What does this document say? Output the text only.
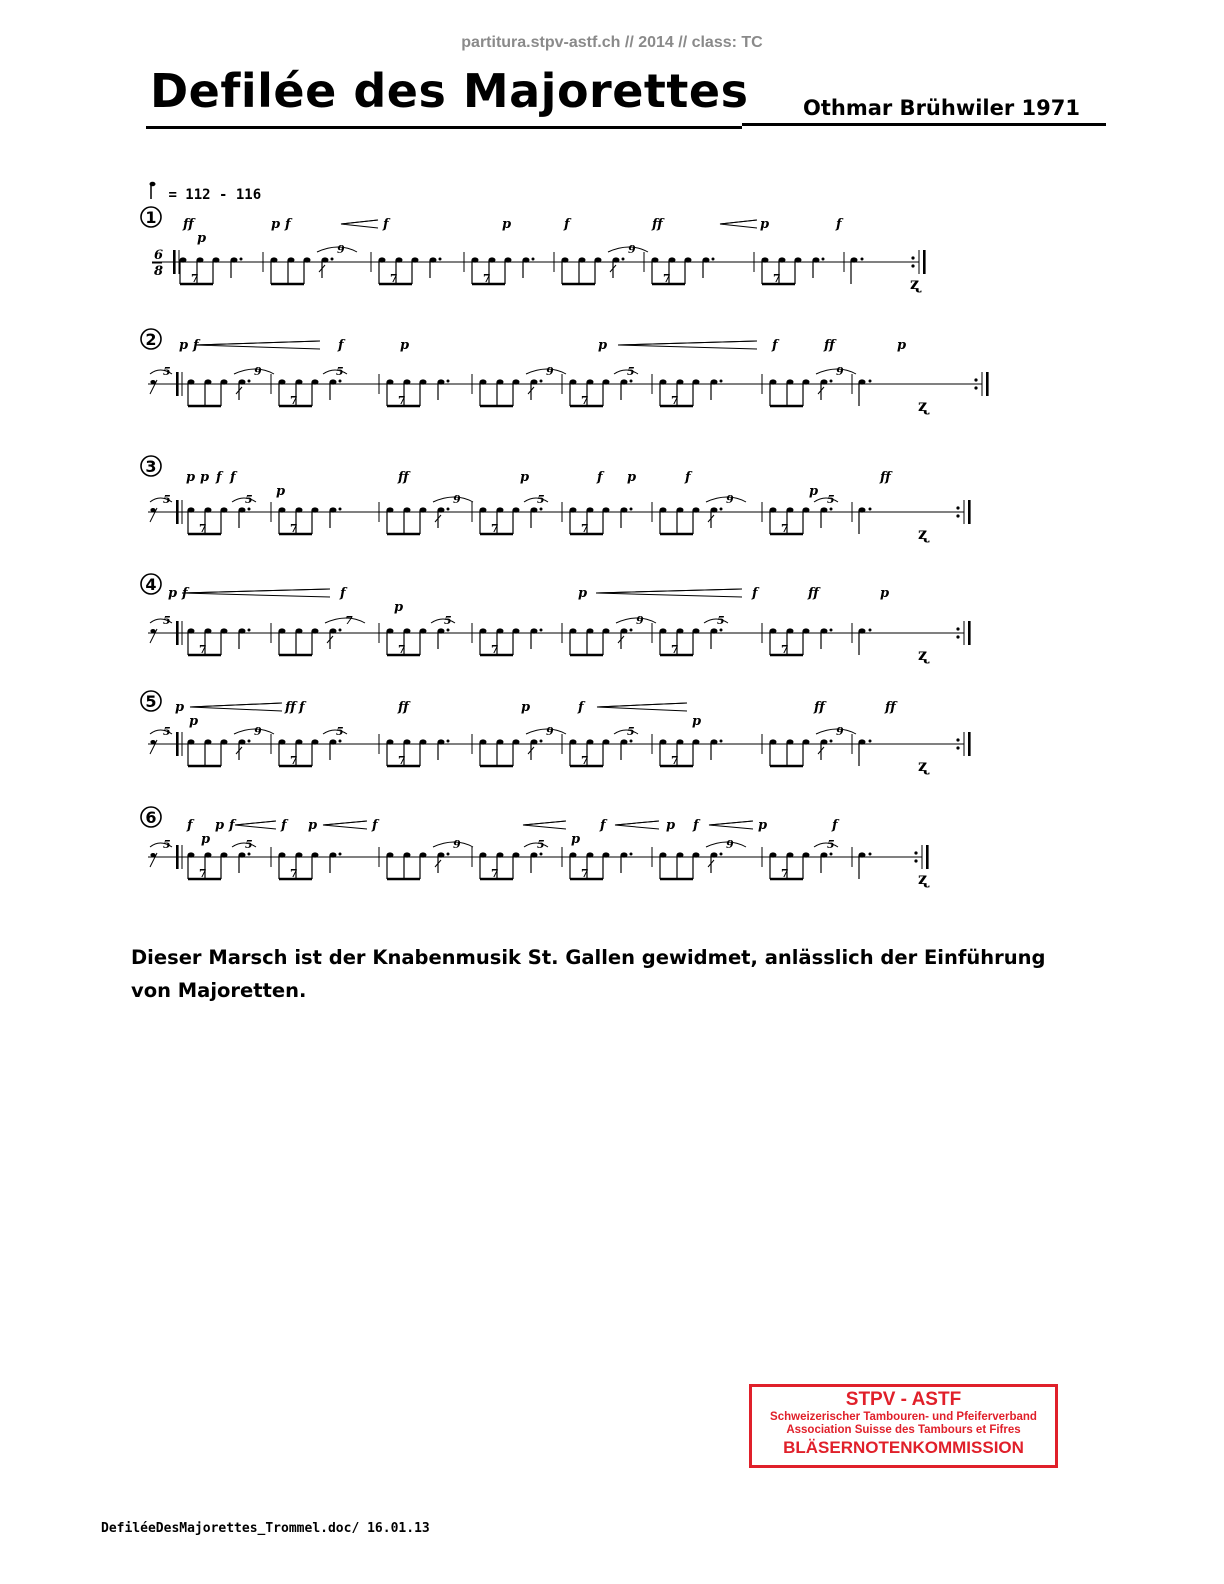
partitura.stpv-astf.ch // 2014 // class: TC
Defilée des Majorettes	Othmar Brühwiler 1971
= 112 - 116
1
6
8	7
9
7	7
9
7	7	ʐ
ff	p	f	p	f	ff	p	f
p
f
2
5	9
7
5
7
9
7
5
7
9
ʐ
p	f	p	p	f	ff	p
f
3
5
7
5
7
9
7
5
7
9
7
5
ʐ
p f
p
ff	p	f p	f
p
ff
p f
4
5
7
7
7
5
7
9
7
5
7	ʐ
p	f
p
p	f	ff	p
f
5
5	9
7
5
7
9
7
5
7
9
ʐ
p	ff	ff	p	f
p
ff	ff
p
f
6
5
7
5
7
9
7
5
7
9
7
5
ʐ
f p	f p	f
p
f	p f	p	f
p
f
Dieser Marsch ist der Knabenmusik St. Gallen gewidmet, anlässlich der Einführung von Majoretten.
STPV - ASTF
Schweizerischer Tambouren- und Pfeiferverband
Association Suisse des Tambours et Fifres
BLÄSERNOTENKOMMISSION
DefiléeDesMajorettes_Trommel.doc/ 16.01.13
